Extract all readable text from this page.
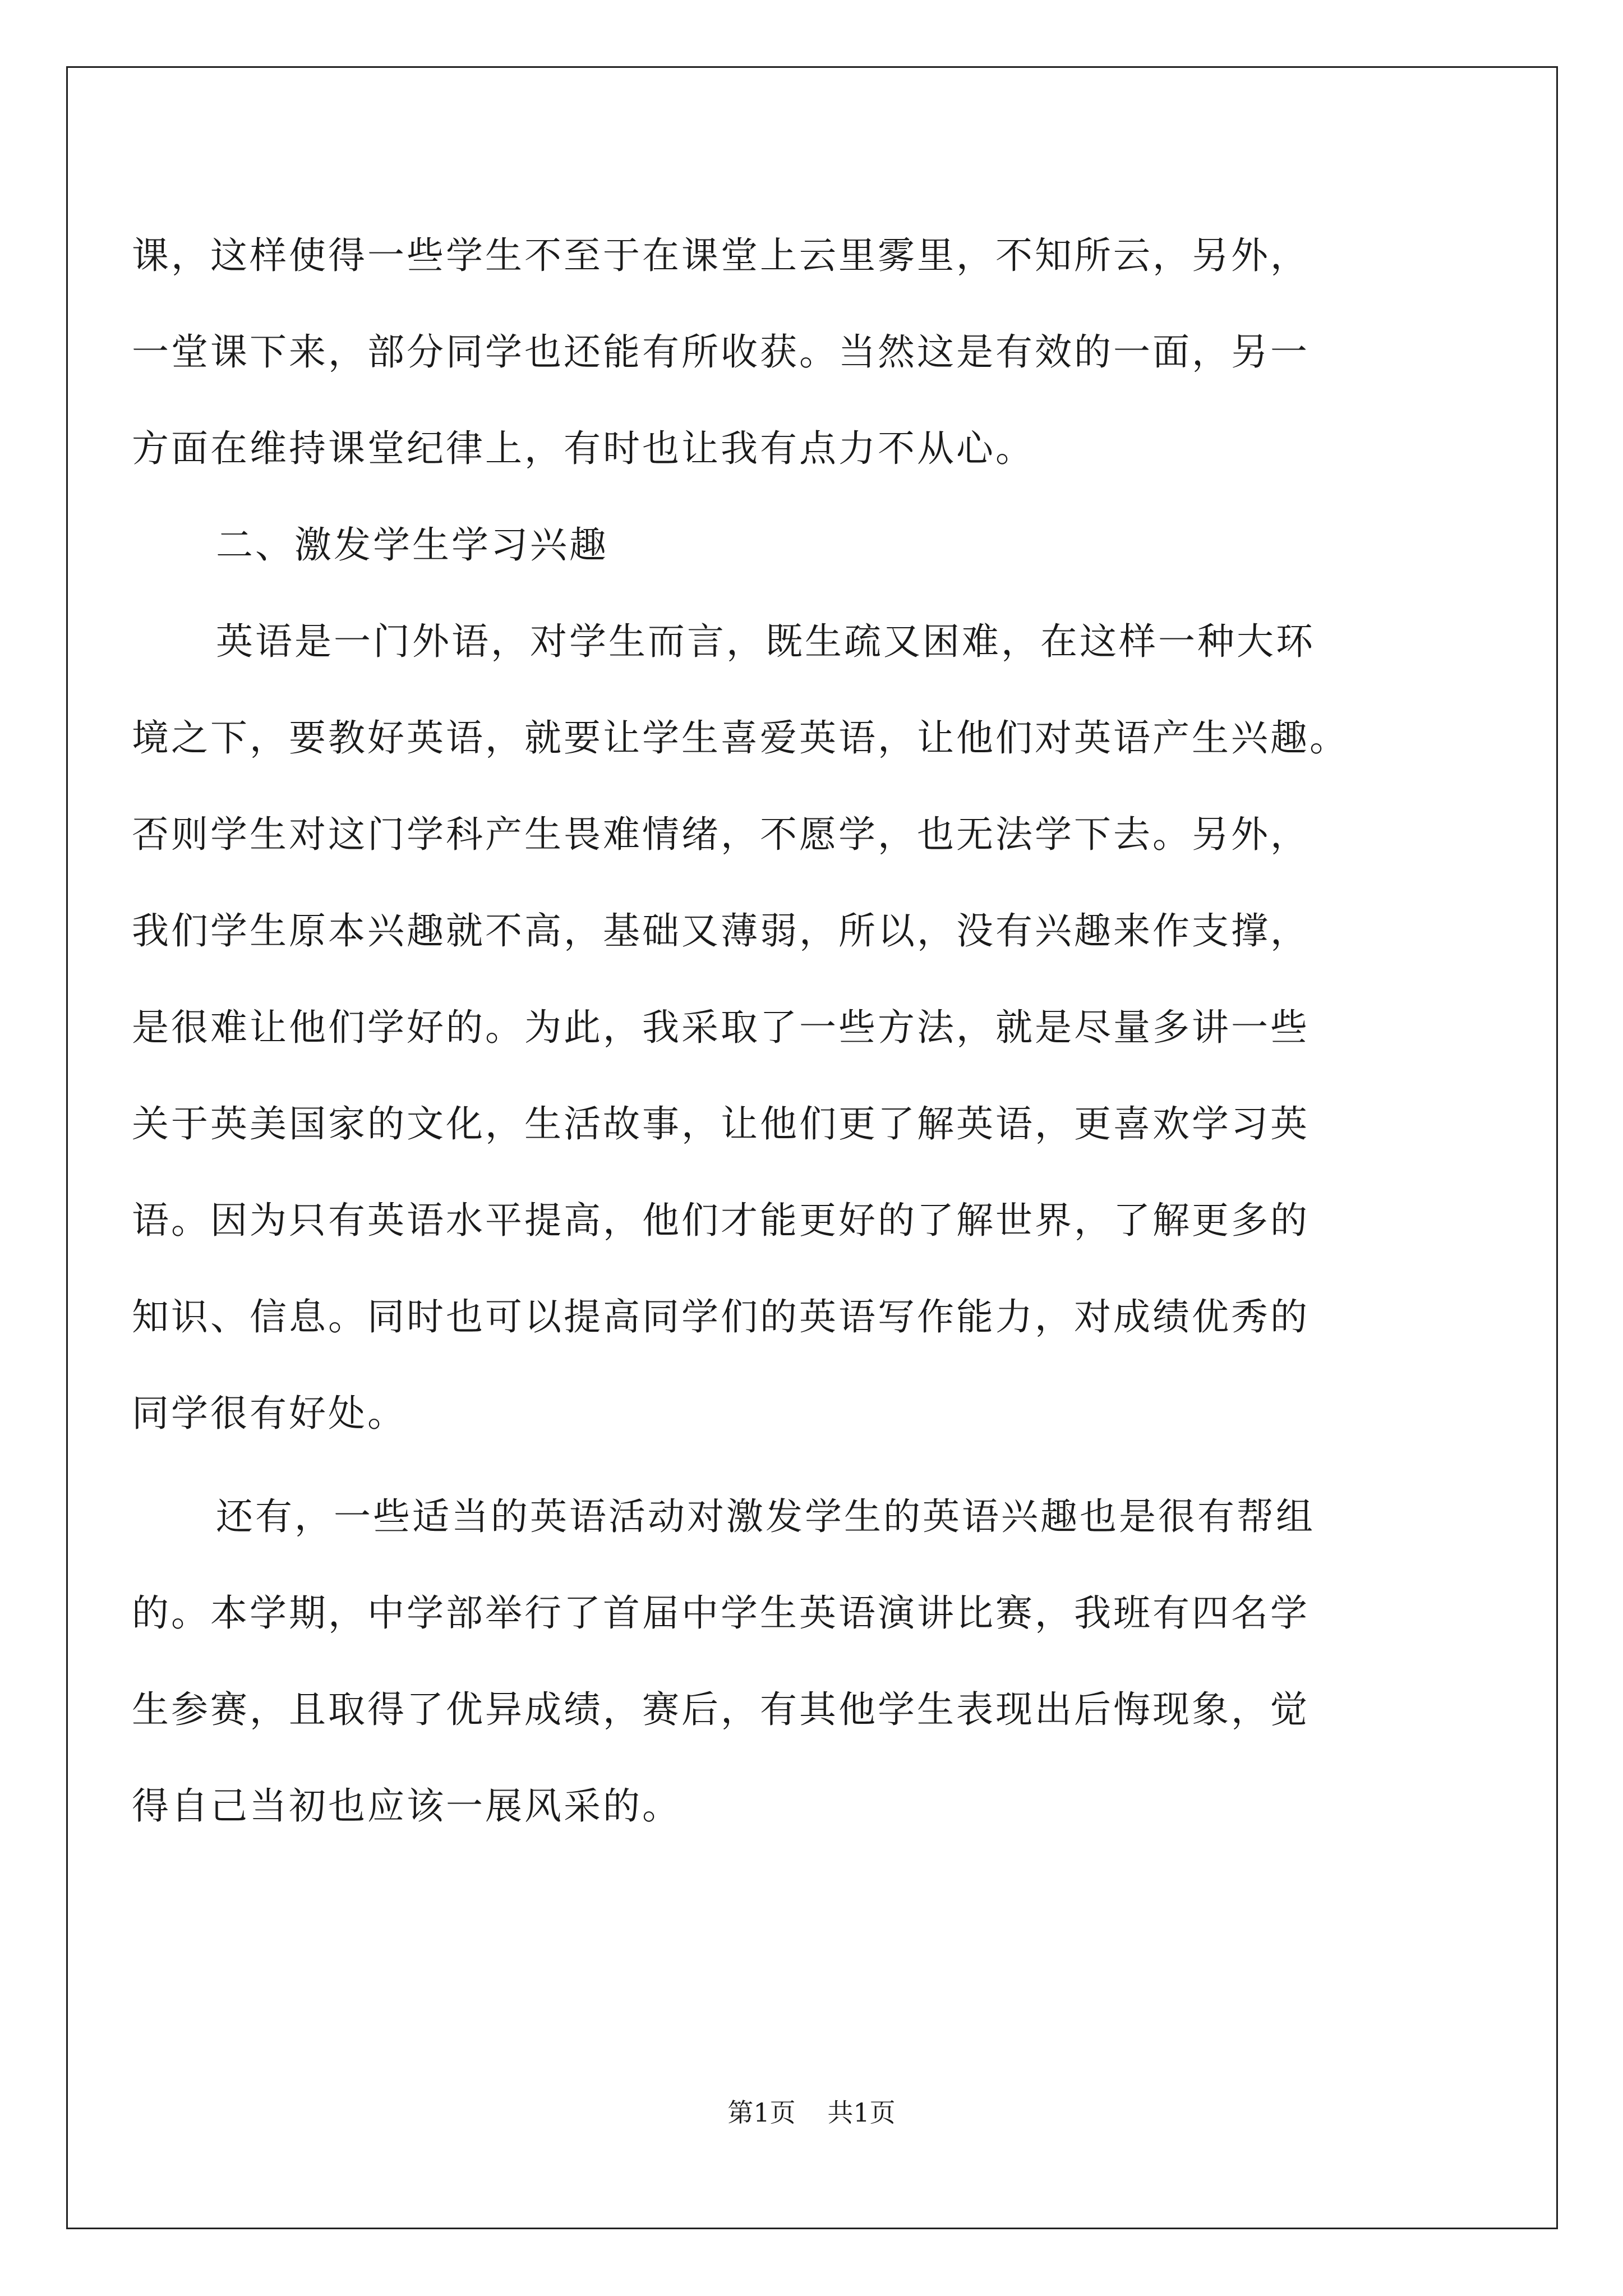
课，这样使得一些学生不至于在课堂上云里雾里，不知所云，另外，
一堂课下来，部分同学也还能有所收获。当然这是有效的一面，另一
方面在维持课堂纪律上，有时也让我有点力不从心。
二、激发学生学习兴趣
英语是一门外语，对学生而言，既生疏又困难，在这样一种大环
境之下，要教好英语，就要让学生喜爱英语，让他们对英语产生兴趣。
否则学生对这门学科产生畏难情绪，不愿学，也无法学下去。另外，
我们学生原本兴趣就不高，基础又薄弱，所以，没有兴趣来作支撑，
是很难让他们学好的。为此，我采取了一些方法，就是尽量多讲一些
关于英美国家的文化，生活故事，让他们更了解英语，更喜欢学习英
语。因为只有英语水平提高，他们才能更好的了解世界，了解更多的
知识、信息。同时也可以提高同学们的英语写作能力，对成绩优秀的
同学很有好处。
还有，一些适当的英语活动对激发学生的英语兴趣也是很有帮组
的。本学期，中学部举行了首届中学生英语演讲比赛，我班有四名学
生参赛，且取得了优异成绩，赛后，有其他学生表现出后悔现象，觉
得自己当初也应该一展风采的。
第1页 共1页
